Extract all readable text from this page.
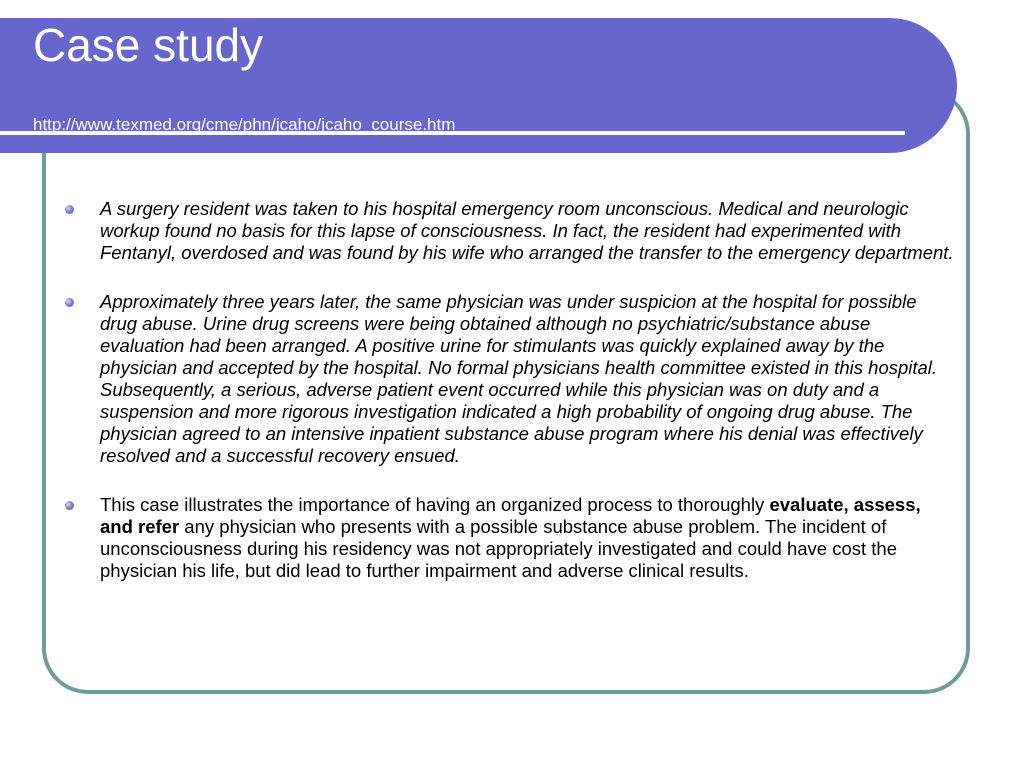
Case study
http://www.texmed.org/cme/phn/jcaho/jcaho_course.htm
A surgery resident was taken to his hospital emergency room unconscious. Medical and neurologic workup found no basis for this lapse of consciousness. In fact, the resident had experimented with Fentanyl, overdosed and was found by his wife who arranged the transfer to the emergency department.
Approximately three years later, the same physician was under suspicion at the hospital for possible drug abuse. Urine drug screens were being obtained although no psychiatric/substance abuse evaluation had been arranged. A positive urine for stimulants was quickly explained away by the physician and accepted by the hospital. No formal physicians health committee existed in this hospital. Subsequently, a serious, adverse patient event occurred while this physician was on duty and a suspension and more rigorous investigation indicated a high probability of ongoing drug abuse. The physician agreed to an intensive inpatient substance abuse program where his denial was effectively resolved and a successful recovery ensued.
This case illustrates the importance of having an organized process to thoroughly evaluate, assess, and refer any physician who presents with a possible substance abuse problem. The incident of unconsciousness during his residency was not appropriately investigated and could have cost the physician his life, but did lead to further impairment and adverse clinical results.
